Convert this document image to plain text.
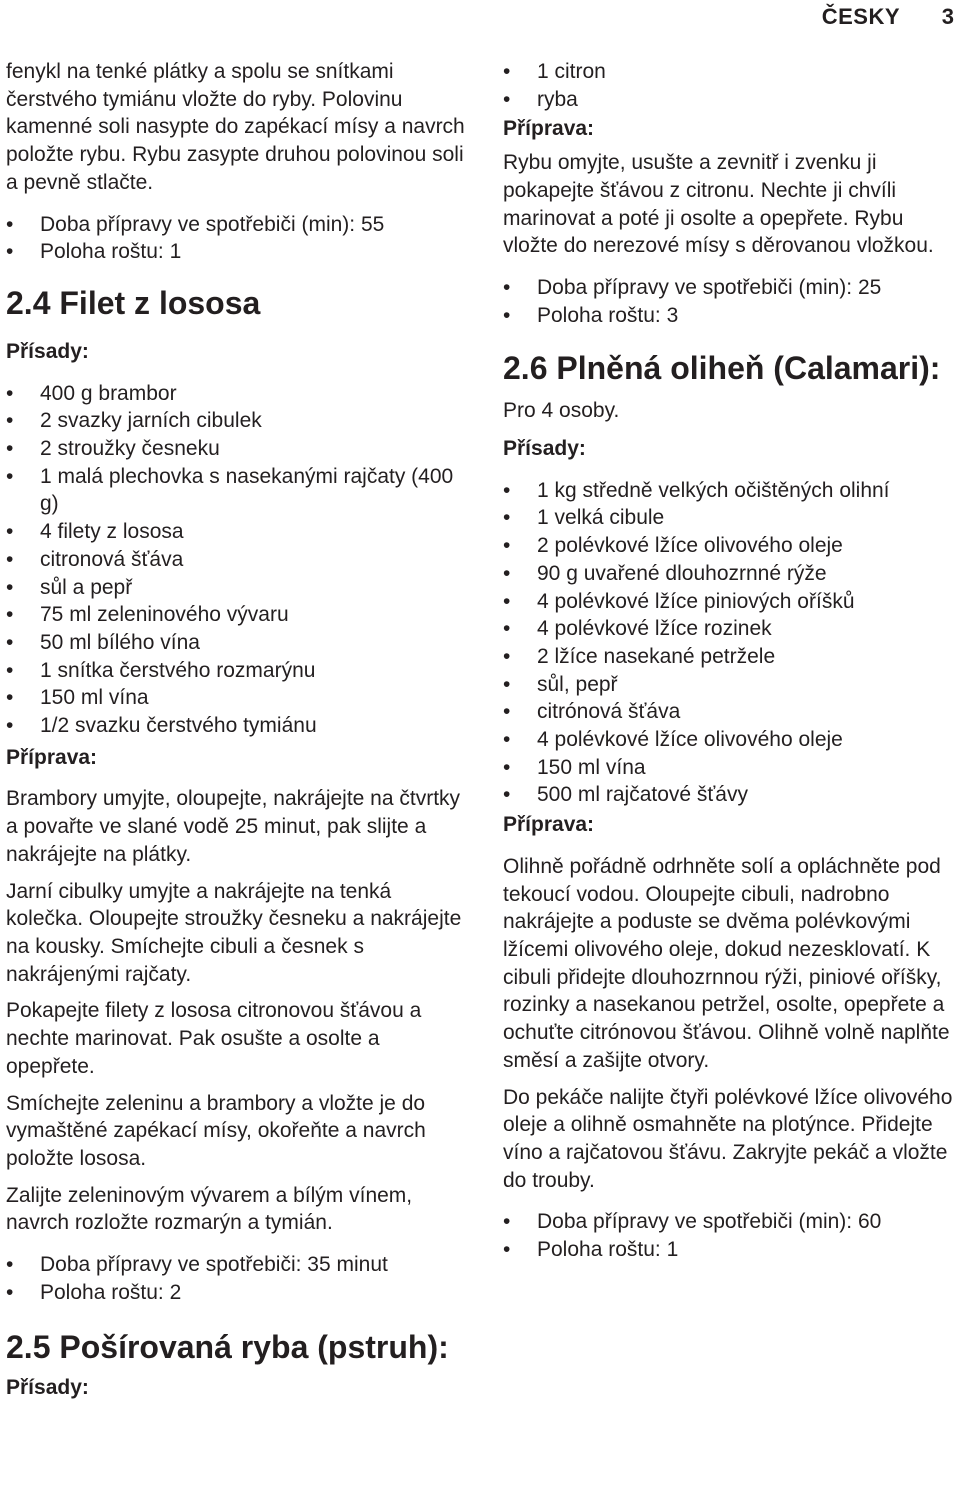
ČESKY 3

fenykl na tenké plátky a spolu se snítkami čerstvého tymiánu vložte do ryby. Polovinu kamenné soli nasypte do zapékací mísy a navrch položte rybu. Rybu zasypte druhou polovinou soli a pevně stlačte.

• Doba přípravy ve spotřebiči (min): 55
• Poloha roštu: 1
2.4 Filet z lososa
Přísady:
• 400 g brambor
• 2 svazky jarních cibulek
• 2 stroužky česneku
• 1 malá plechovka s nasekanými rajčaty (400 g)
• 4 filety z lososa
• citronová šťáva
• sůl a pepř
• 75 ml zeleninového vývaru
• 50 ml bílého vína
• 1 snítka čerstvého rozmarýnu
• 150 ml vína
• 1/2 svazku čerstvého tymiánu
Příprava:

Brambory umyjte, oloupejte, nakrájejte na čtvrtky a povařte ve slané vodě 25 minut, pak slijte a nakrájejte na plátky.

Jarní cibulky umyjte a nakrájejte na tenká kolečka. Oloupejte stroužky česneku a nakrájejte na kousky. Smíchejte cibuli a česnek s nakrájenými rajčaty.

Pokapejte filety z lososa citronovou šťávou a nechte marinovat. Pak osušte a osolte a opepřete.

Smíchejte zeleninu a brambory a vložte je do vymaštěné zapékací mísy, okořeňte a navrch položte lososa.

Zalijte zeleninovým vývarem a bílým vínem, navrch rozložte rozmarýn a tymián.

• Doba přípravy ve spotřebiči: 35 minut
• Poloha roštu: 2
2.5 Pošírovaná ryba (pstruh):
Přísady:
• 1 citron
• ryba
Příprava:

Rybu omyjte, usušte a zevnitř i zvenku ji pokapejte šťávou z citronu. Nechte ji chvíli marinovat a poté ji osolte a opepřete. Rybu vložte do nerezové mísy s děrovanou vložkou.

• Doba přípravy ve spotřebiči (min): 25
• Poloha roštu: 3
2.6 Plněná oliheň (Calamari):

Pro 4 osoby.

Přísady:
• 1 kg středně velkých očištěných olihní
• 1 velká cibule
• 2 polévkové lžíce olivového oleje
• 90 g uvařené dlouhozrnné rýže
• 4 polévkové lžíce piniových oříšků
• 4 polévkové lžíce rozinek
• 2 lžíce nasekané petržele
• sůl, pepř
• citrónová šťáva
• 4 polévkové lžíce olivového oleje
• 150 ml vína
• 500 ml rajčatové šťávy
Příprava:

Olihně pořádně odrhněte solí a opláchněte pod tekoucí vodou. Oloupejte cibuli, nadrobno nakrájejte a poduste se dvěma polévkovými lžícemi olivového oleje, dokud nezesklovatí. K cibuli přidejte dlouhozrnnou rýži, piniové oříšky, rozinky a nasekanou petržel, osolte, opepřete a ochuťte citrónovou šťávou. Olihně volně naplňte směsí a zašijte otvory.

Do pekáče nalijte čtyři polévkové lžíce olivového oleje a olihně osmahněte na plotýnce. Přidejte víno a rajčatovou šťávu. Zakryjte pekáč a vložte do trouby.

• Doba přípravy ve spotřebiči (min): 60
• Poloha roštu: 1
